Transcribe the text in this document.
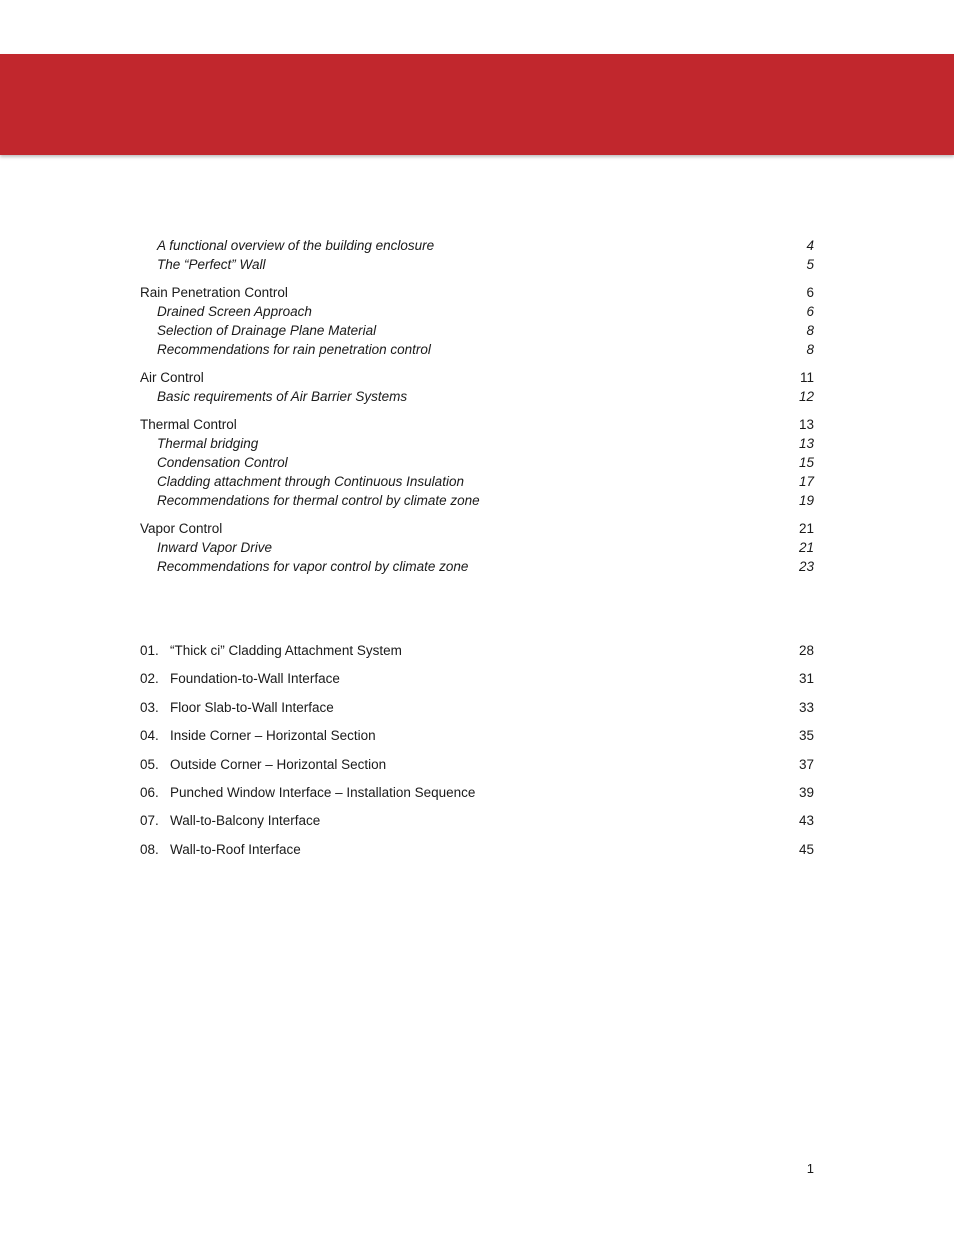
A functional overview of the building enclosure	4
The “Perfect” Wall	5
Rain Penetration Control	6
Drained Screen Approach	6
Selection of Drainage Plane Material	8
Recommendations for rain penetration control	8
Air Control	11
Basic requirements of Air Barrier Systems	12
Thermal Control	13
Thermal bridging	13
Condensation Control	15
Cladding attachment through Continuous Insulation	17
Recommendations for thermal control by climate zone	19
Vapor Control	21
Inward Vapor Drive	21
Recommendations for vapor control by climate zone	23
01. “Thick ci” Cladding Attachment System	28
02. Foundation-to-Wall Interface	31
03. Floor Slab-to-Wall Interface	33
04. Inside Corner – Horizontal Section	35
05. Outside Corner – Horizontal Section	37
06. Punched Window Interface – Installation Sequence	39
07. Wall-to-Balcony Interface	43
08. Wall-to-Roof Interface	45
1
